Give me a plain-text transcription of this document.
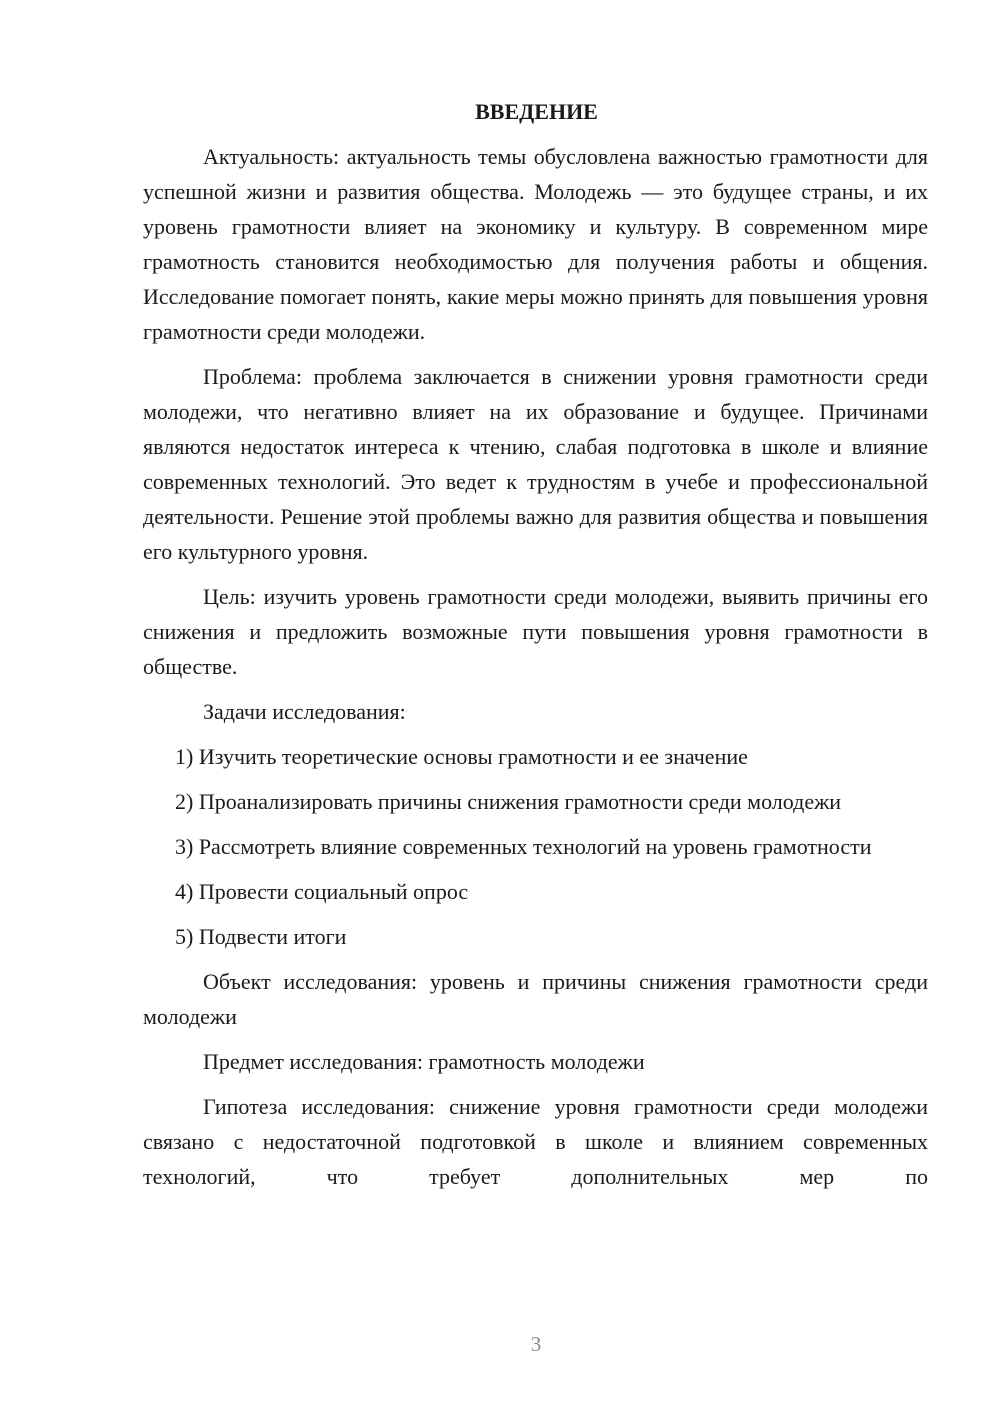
ВВЕДЕНИЕ

Актуальность: актуальность темы обусловлена важностью грамотности для успешной жизни и развития общества. Молодежь — это будущее страны, и их уровень грамотности влияет на экономику и культуру. В современном мире грамотность становится необходимостью для получения работы и общения. Исследование помогает понять, какие меры можно принять для повышения уровня грамотности среди молодежи.

Проблема: проблема заключается в снижении уровня грамотности среди молодежи, что негативно влияет на их образование и будущее. Причинами являются недостаток интереса к чтению, слабая подготовка в школе и влияние современных технологий. Это ведет к трудностям в учебе и профессиональной деятельности. Решение этой проблемы важно для развития общества и повышения его культурного уровня.

Цель: изучить уровень грамотности среди молодежи, выявить причины его снижения и предложить возможные пути повышения уровня грамотности в обществе.

Задачи исследования:

1) Изучить теоретические основы грамотности и ее значение

2) Проанализировать причины снижения грамотности среди молодежи

3) Рассмотреть влияние современных технологий на уровень грамотности

4) Провести социальный опрос

5) Подвести итоги

Объект исследования: уровень и причины снижения грамотности среди молодежи

Предмет исследования: грамотность молодежи

Гипотеза исследования: снижение уровня грамотности среди молодежи связано с недостаточной подготовкой в школе и влиянием современных технологий, что требует дополнительных мер по

3
